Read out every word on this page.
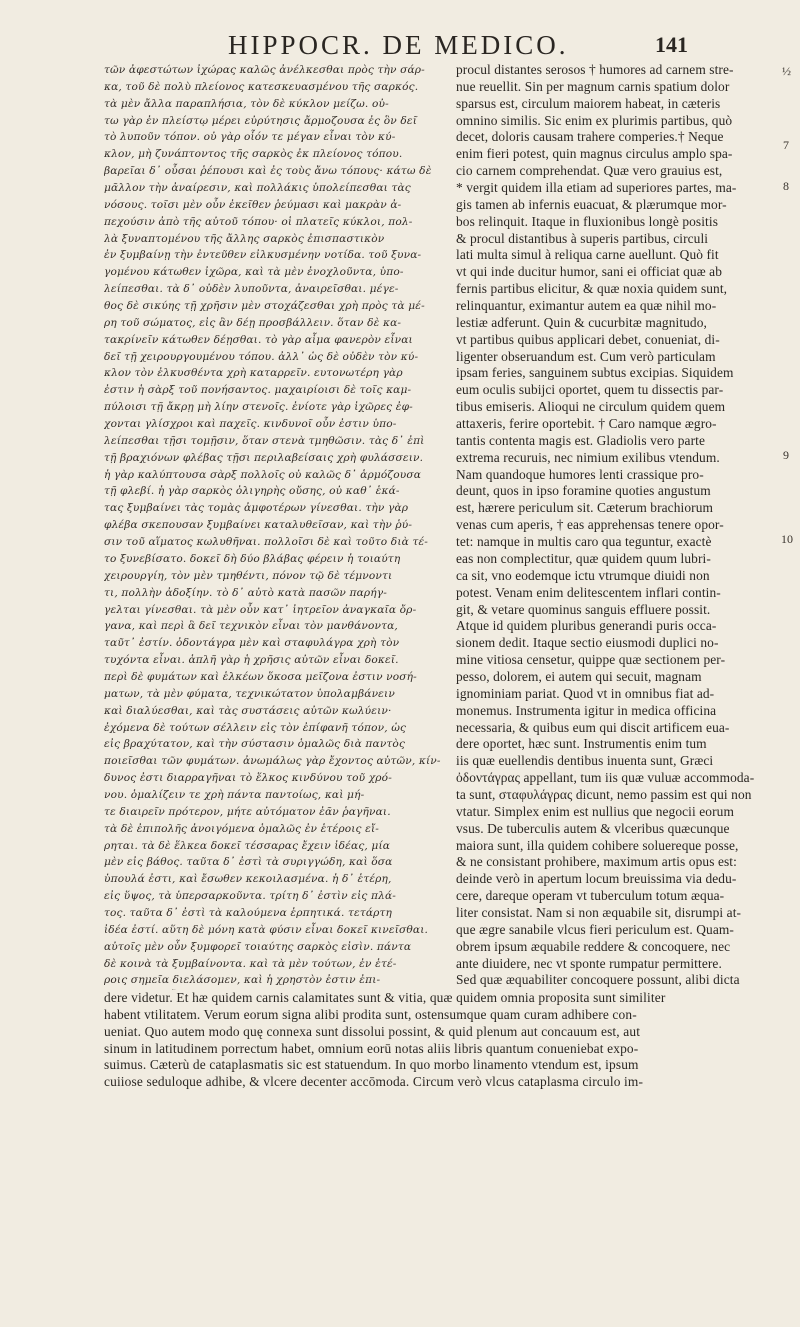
HIPPOCR. DE MEDICO.	141
½
7
8
9
10
τῶν ἀφεστώτων ἰχώρας καλῶς ἀνέλκεσθαι πρὸς τὴν σάρ-
κα, τοῦ δὲ πολὺ πλείονος κατεσκευασμένου τῆς σαρκός.
τὰ μὲν ἄλλα παραπλήσια, τὸν δὲ κύκλον μείζω. οὐ-
τω γὰρ ἐν πλείστῳ μέρει εὐρύτησις ἄρμοζουσα ἐς ὃν δεῖ
τὸ λυποῦν τόπον. οὐ γὰρ οἷόν τε μέγαν εἶναι τὸν κύ-
κλον, μὴ ζυνάπτοντος τῆς σαρκὸς ἐκ πλείονος τόπου.
βαρεῖαι δ᾽ οὖσαι ῥέπουσι καὶ ἐς τοὺς ἄνω τόπους· κάτω δὲ
μᾶλλον τὴν ἀναίρεσιν, καὶ πολλάκις ὑπολείπεσθαι τὰς
νόσους. τοῖσι μὲν οὖν ἐκεῖθεν ῥεύμασι καὶ μακρὰν ἀ-
πεχούσιν ἀπὸ τῆς αὐτοῦ τόπου· οἱ πλατεῖς κύκλοι, πολ-
λὰ ξυναπτομένου τῆς ἄλλης σαρκὸς ἐπισπαστικὸν
ἐν ξυμβαίνῃ τὴν ἐντεῦθεν εἰλκυσμένην νοτίδα. τοῦ ξυνα-
γομένου κάτωθεν ἰχῶρα, καὶ τὰ μὲν ἐνοχλοῦντα, ὑπο-
λείπεσθαι. τὰ δ᾽ οὐδὲν λυποῦντα, ἀναιρεῖσθαι. μέγε-
θος δὲ σικύης τῇ χρῆσιν μὲν στοχάζεσθαι χρὴ πρὸς τὰ μέ-
ρη τοῦ σώματος, εἰς ἂν δέῃ προσβάλλειν. ὅταν δὲ κα-
τακρίνεῖν κάτωθεν δέῃσθαι. τὸ γὰρ αἷμα φανερὸν εἶναι
δεῖ τῇ χειρουργουμένου τόπου. ἀλλ᾽ ὡς δὲ οὐδὲν τὸν κύ-
κλον τὸν ἐλκυσθέντα χρὴ καταρρεῖν. ευτονωτέρη γὰρ
ἐστιν ἡ σὰρξ τοῦ πονήσαντος. μαχαιρίοισι δὲ τοῖς καμ-
πύλοισι τῇ ἄκρῃ μὴ λίην στενοῖς. ἐνίοτε γὰρ ἰχῶρες ἐφ-
χονται γλίσχροι καὶ παχεῖς. κινδυνοῖ οὖν ἐστιν ὑπο-
λείπεσθαι τῇσι τομῇσιν, ὅταν στενὰ τμηθῶσιν. τὰς δ᾽ ἐπὶ
τῇ βραχιόνων φλέβας τῇσι περιλαβείσαις χρὴ φυλάσσειν.
ἡ γὰρ καλύπτουσα σὰρξ πολλοῖς οὐ καλῶς δ᾽ ἁρμόζουσα
τῇ φλεβί. ἡ γὰρ σαρκὸς ὀλιγηρὴς οὔσης, οὐ καθ᾽ ἑκά-
τας ξυμβαίνει τὰς τομὰς ἀμφοτέρων γίνεσθαι. τὴν γὰρ
φλέβα σκεπουσαν ξυμβαίνει καταλυθεῖσαν, καὶ τὴν ῥύ-
σιν τοῦ αἵματος κωλυθῆναι. πολλοῖσι δὲ καὶ τοῦτο διὰ τέ-
το ξυνεβίσατο. δοκεῖ δὴ δύο βλάβας φέρειν ἡ τοιαύτη
χειρουργίη, τὸν μὲν τμηθέντι, πόνον τῷ δὲ τέμνοντι
τι, πολλὴν ἀδοξίην. τὸ δ᾽ αὐτὸ κατὰ πασῶν παρήγ-
γελται γίνεσθαι. τὰ μὲν οὖν κατ᾽ ἰητρεῖον ἀναγκαῖα ὄρ-
γανα, καὶ περὶ ἃ δεῖ τεχνικὸν εἶναι τὸν μανθάνοντα,
ταῦτ᾽ ἐστίν. ὀδοντάγρα μὲν καὶ σταφυλάγρα χρὴ τὸν
τυχόντα εἶναι. ἁπλῆ γὰρ ἡ χρῆσις αὐτῶν εἶναι δοκεῖ.
περὶ δὲ φυμάτων καὶ ἑλκέων ὅκοσα μεῖζονα ἐστιν νοσή-
ματων, τὰ μὲν φύματα, τεχνικώτατον ὑπολαμβάνειν
καὶ διαλύεσθαι, καὶ τὰς συστάσεις αὐτῶν κωλύειν·
ἐχόμενα δὲ τούτων σέλλειν εἰς τὸν ἐπίφανῆ τόπον, ὡς
εἰς βραχύτατον, καὶ τὴν σύστασιν ὁμαλῶς διὰ παντὸς
ποιεῖσθαι τῶν φυμάτων. ἀνωμάλως γὰρ ἔχοντος αὐτῶν, κίν-
δυνος ἐστι διαρραγῆναι τὸ ἕλκος κινδύνου τοῦ χρό-
νου. ὁμαλίζειν τε χρὴ πάντα παντοίως, καὶ μή-
τε διαιρεῖν πρότερον, μήτε αὐτόματον ἐᾶν ῥαγῆναι.
τὰ δὲ ἐπιπολῆς ἀνοιγόμενα ὁμαλῶς ἐν ἑτέροις εἴ-
ρηται. τὰ δὲ ἕλκεα δοκεῖ τέσσαρας ἔχειν ἰδέας, μία
μὲν εἰς βάθος. ταῦτα δ᾽ ἐστὶ τὰ συριγγώδη, καὶ ὅσα
ὑπουλά ἐστι, καὶ ἔσωθεν κεκοιλασμένα. ἡ δ᾽ ἑτέρη,
εἰς ὕψος, τὰ ὑπερσαρκοῦντα. τρίτη δ᾽ ἐστὶν εἰς πλά-
τος. ταῦτα δ᾽ ἐστὶ τὰ καλούμενα ἑρπητικά. τετάρτη
ἰδέα ἐστί. αὕτη δὲ μόνη κατὰ φύσιν εἶναι δοκεῖ κινεῖσθαι.
αὐτοῖς μὲν οὖν ξυμφορεῖ τοιαύτης σαρκὸς εἰσὶν. πάντα
δὲ κοινὰ τὰ ξυμβαίνοντα. καὶ τὰ μὲν τούτων, ἐν ἑτέ-
ροις σημεῖα διελάσομεν, καὶ ἡ χρηστὸν ἐστιν ἐπι-
procul distantes serosos † humores ad carnem stre-
nue reuellit. Sin per magnum carnis spatium dolor
sparsus est, circulum maiorem habeat, in cæteris
omnino similis. Sic enim ex plurimis partibus, quò
decet, doloris causam trahere comperies.† Neque
enim fieri potest, quin magnus circulus amplo spa-
cio carnem comprehendat. Quæ vero grauius est,
* vergit quidem illa etiam ad superiores partes, ma-
gis tamen ab infernis euacuat, & plærumque mor-
bos relinquit. Itaque in fluxionibus longè positis
& procul distantibus à superis partibus, circuli
lati multa simul à reliqua carne auellunt. Quò fit
vt qui inde ducitur humor, sani ei officiat quæ ab
fernis partibus elicitur, & quæ noxia quidem sunt,
relinquantur, eximantur autem ea quæ nihil mo-
lestiæ adferunt. Quin & cucurbitæ magnitudo,
vt partibus quibus applicari debet, conueniat, di-
ligenter obseruandum est. Cum verò particulam
ipsam feries, sanguinem subtus excipias. Siquidem
eum oculis subijci oportet, quem tu dissectis par-
tibus emiseris. Alioqui ne circulum quidem quem
attaxeris, ferire oportebit. † Caro namque ægro-
tantis contenta magis est. Gladiolis vero parte
extrema recuruis, nec nimium exilibus vtendum.
Nam quandoque humores lenti crassique pro-
deunt, quos in ipso foramine quoties angustum
est, hærere periculum sit. Cæterum brachiorum
venas cum aperis, † eas apprehensas tenere opor-
tet: namque in multis caro qua teguntur, exactè
eas non complectitur, quæ quidem quum lubri-
ca sit, vno eodemque ictu vtrumque diuidi non
potest. Venam enim delitescentem inflari contin-
git, & vetare quominus sanguis effluere possit.
Atque id quidem pluribus generandi puris occa-
sionem dedit. Itaque sectio eiusmodi duplici no-
mine vitiosa censetur, quippe quæ sectionem per-
pesso, dolorem, ei autem qui secuit, magnam
ignominiam pariat. Quod vt in omnibus fiat ad-
monemus. Instrumenta igitur in medica officina
necessaria, & quibus eum qui discit artificem eua-
dere oportet, hæc sunt. Instrumentis enim tum
iis quæ euellendis dentibus inuenta sunt, Græci
ὀδοντάγρας appellant, tum iis quæ vuluæ accommoda-
ta sunt, σταφυλάγρας dicunt, nemo passim est qui non
vtatur. Simplex enim est nullius que negocii eorum
vsus. De tuberculis autem & vlceribus quæcunque
maiora sunt, illa quidem cohibere soluereque posse,
& ne consistant prohibere, maximum artis opus est:
deinde verò in apertum locum breuissima via dedu-
cere, dareque operam vt tuberculum totum æqua-
liter consistat. Nam si non æquabile sit, disrumpi at-
que ægre sanabile vlcus fieri periculum est. Quam-
obrem ipsum æquabile reddere & concoquere, nec
ante diuidere, nec vt sponte rumpatur permittere.
Sed quæ æquabiliter concoquere possunt, alibi dicta
dere videtur. Et hæ quidem carnis calamitates sunt & vitia, quæ quidem omnia proposita sunt similiter
habent vtilitatem. Verum eorum signa alibi prodita sunt, ostensumque quam curam adhibere con-
ueniat. Quo autem modo quę connexa sunt dissolui possint, & quid plenum aut concauum est, aut
sinum in latitudinem porrectum habet, omnium eorū notas aliis libris quantum conueniebat expo-
suimus. Cæterù de cataplasmatis sic est statuendum. In quo morbo linamento vtendum est, ipsum
cuiiose seduloque adhibe, & vlcere decenter accōmoda. Circum verò vlcus cataplasma circulo im-
